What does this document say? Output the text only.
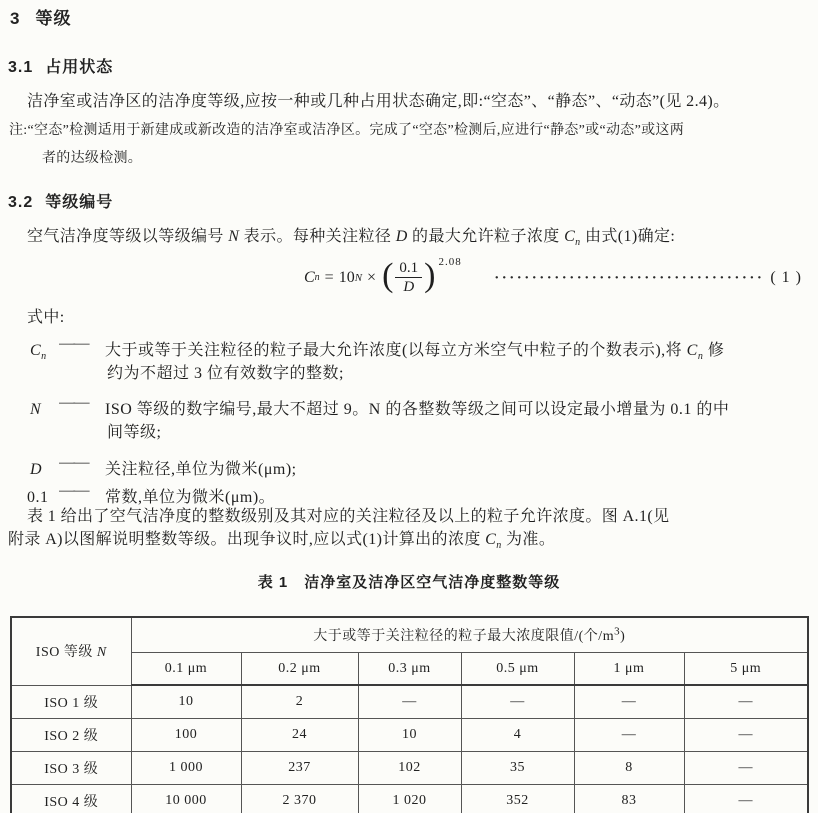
3 等级
3.1 占用状态
洁净室或洁净区的洁净度等级,应按一种或几种占用状态确定,即:“空态”、“静态”、“动态”(见 2.4)。
注:“空态”检测适用于新建成或新改造的洁净室或洁净区。完成了“空态”检测后,应进行“静态”或“动态”或这两
者的达级检测。
3.2 等级编号
空气洁净度等级以等级编号 N 表示。每种关注粒径 D 的最大允许粒子浓度 $C_n$ 由式(1)确定:
C n = 10 N × ( $\frac{0.1}{D}$ ) 2.08
···································· ( 1 )
式中:
$C_n——$ 大于或等于关注粒径的粒子最大允许浓度(以每立方米空气中粒子的个数表示),将 $C_n$ 修
约为不超过 3 位有效数字的整数;
N —— ISO 等级的数字编号,最大不超过 9。N 的各整数等级之间可以设定最小增量为 0.1 的中
间等级;
D —— 关注粒径,单位为微米(μm);
0.1 —— 常数,单位为微米(μm)。
表 1 给出了空气洁净度的整数级别及其对应的关注粒径及以上的粒子允许浓度。图 A.1(见
附录 A)以图解说明整数等级。出现争议时,应以式(1)计算出的浓度 $C_n$ 为准。
表 1 洁净室及洁净区空气洁净度整数等级
ISO 等级 N	大于或等于关注粒径的粒子最大浓度限值/(个$/m^3$)					
	0.1 μm	0.2 μm	0.3 μm	0.5 μm	1 μm	5 μm
ISO 1 级	10	2	—	—	—	—
ISO 2 级	100	24	10	4	—	—
ISO 3 级	1 000	237	102	35	8	—
ISO 4 级	10 000	2 370	1 020	352	83	—
